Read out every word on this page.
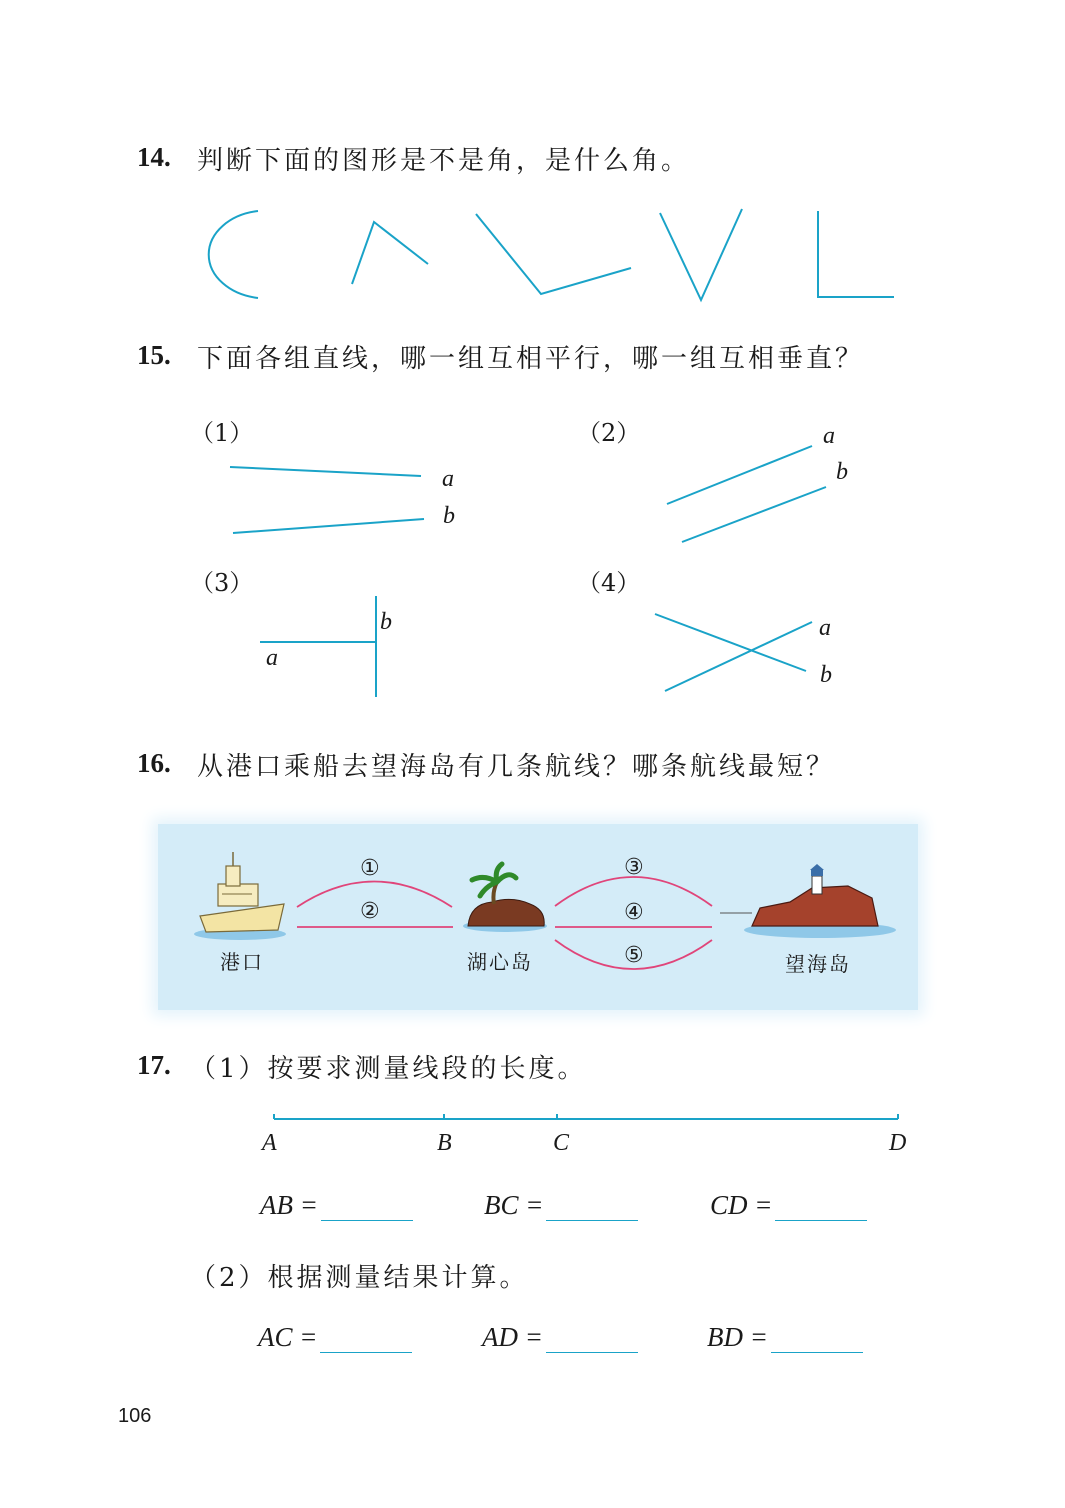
14. 判断下面的图形是不是角，是什么角。
15. 下面各组直线，哪一组互相平行，哪一组互相垂直？
（1）	（2）
（3）	（4）
a
b
a
b
a
b	a
b
16. 从港口乘船去望海岛有几条航线？哪条航线最短？
①
②
③
④
⑤
港口	湖心岛	望海岛
17. （1）按要求测量线段的长度。
A	B	C	D
AB =	BC =	CD =
（2）根据测量结果计算。
AC =	AD =	BD =
106
